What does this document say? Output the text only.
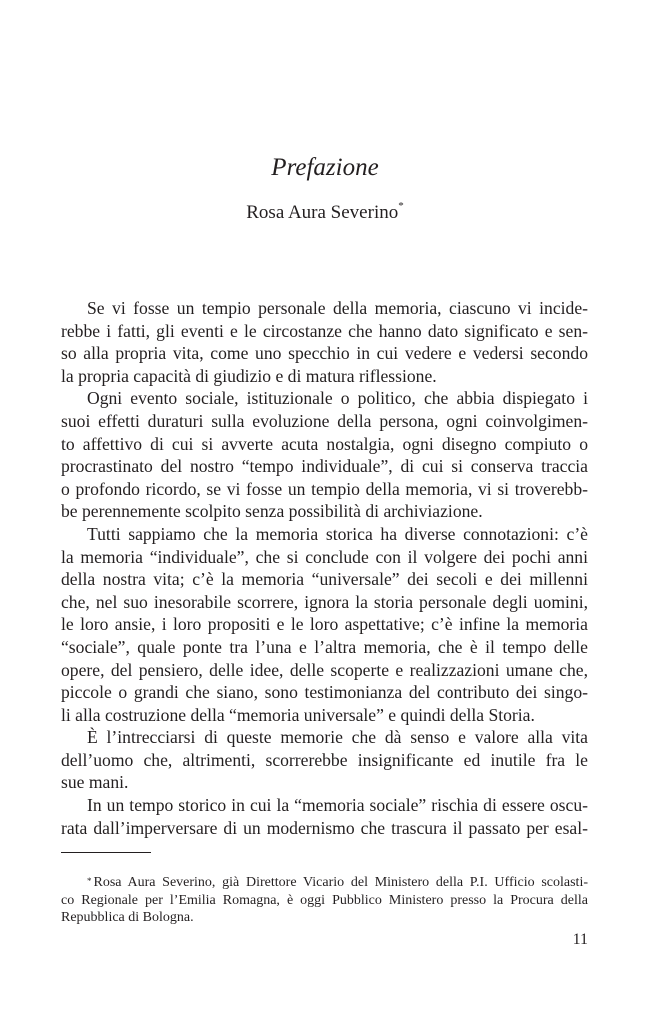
Prefazione
Rosa Aura Severino*
Se vi fosse un tempio personale della memoria, ciascuno vi incide-
rebbe i fatti, gli eventi e le circostanze che hanno dato significato e sen-
so alla propria vita, come uno specchio in cui vedere e vedersi secondo
la propria capacità di giudizio e di matura riflessione.
Ogni evento sociale, istituzionale o politico, che abbia dispiegato i
suoi effetti duraturi sulla evoluzione della persona, ogni coinvolgimen-
to affettivo di cui si avverte acuta nostalgia, ogni disegno compiuto o
procrastinato del nostro “tempo individuale”, di cui si conserva traccia
o profondo ricordo, se vi fosse un tempio della memoria, vi si troverebb-
be perennemente scolpito senza possibilità di archiviazione.
Tutti sappiamo che la memoria storica ha diverse connotazioni: c’è
la memoria “individuale”, che si conclude con il volgere dei pochi anni
della nostra vita; c’è la memoria “universale” dei secoli e dei millenni
che, nel suo inesorabile scorrere, ignora la storia personale degli uomini,
le loro ansie, i loro propositi e le loro aspettative; c’è infine la memoria
“sociale”, quale ponte tra l’una e l’altra memoria, che è il tempo delle
opere, del pensiero, delle idee, delle scoperte e realizzazioni umane che,
piccole o grandi che siano, sono testimonianza del contributo dei singo-
li alla costruzione della “memoria universale” e quindi della Storia.
È l’intrecciarsi di queste memorie che dà senso e valore alla vita
dell’uomo che, altrimenti, scorrerebbe insignificante ed inutile fra le
sue mani.
In un tempo storico in cui la “memoria sociale” rischia di essere oscu-
rata dall’imperversare di un modernismo che trascura il passato per esal-
* Rosa Aura Severino, già Direttore Vicario del Ministero della P.I. Ufficio scolasti-
co Regionale per l’Emilia Romagna, è oggi Pubblico Ministero presso la Procura della
Repubblica di Bologna.
11
